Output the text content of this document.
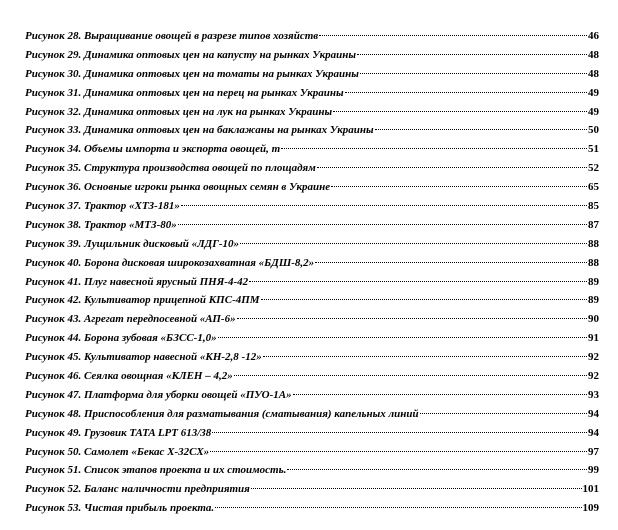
Рисунок 28. Выращивание овощей в разрезе типов хозяйств	46
Рисунок 29. Динамика оптовых цен на капусту на рынках Украины	48
Рисунок 30. Динамика оптовых цен на томаты на рынках Украины	48
Рисунок 31. Динамика оптовых цен на перец на рынках Украины	49
Рисунок 32. Динамика оптовых цен на лук на рынках Украины	49
Рисунок 33. Динамика оптовых цен на баклажаны на рынках Украины	50
Рисунок 34. Объемы импорта и экспорта овощей, т	51
Рисунок 35. Структура производства овощей по площадям	52
Рисунок 36. Основные игроки рынка овощных семян в Украине	65
Рисунок 37. Трактор «ХТЗ-181»	85
Рисунок 38. Трактор «МТЗ-80»	87
Рисунок 39. Лущильник дисковый «ЛДГ-10»	88
Рисунок 40. Борона дисковая широкозахватная «БДШ-8,2»	88
Рисунок 41. Плуг навесной ярусный ПНЯ-4-42	89
Рисунок 42. Культиватор прицепной КПС-4ПМ	89
Рисунок 43. Агрегат передпосевной «АП-6»	90
Рисунок 44. Борона зубовая «БЗСС-1,0»	91
Рисунок 45. Культиватор навесной «КН-2,8 -12»	92
Рисунок 46. Сеялка овощная «КЛЕН – 4,2»	92
Рисунок 47. Платформа для уборки овощей «ПУО-1А»	93
Рисунок 48. Приспособления для разматывания (сматывания) капельных линий	94
Рисунок 49. Грузовик TATA LPT 613/38	94
Рисунок 50. Самолет «Бекас Х-32СХ»	97
Рисунок 51. Список этапов проекта и их стоимость.	99
Рисунок 52. Баланс наличности предприятия	101
Рисунок 53. Чистая прибыль проекта.	109
